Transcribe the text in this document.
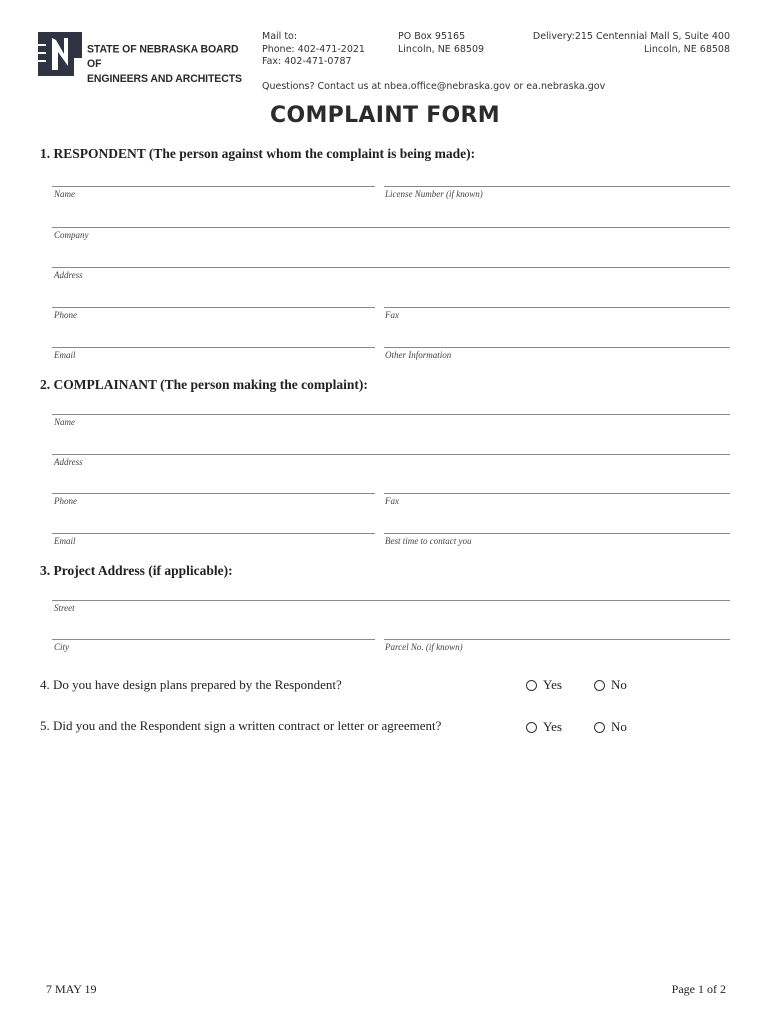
STATE OF NEBRASKA BOARD OF
ENGINEERS AND ARCHITECTS
Mail to:
Phone: 402-471-2021
Fax: 402-471-0787
PO Box 95165
Lincoln, NE 68509
Delivery:215 Centennial Mall S, Suite 400
Lincoln, NE 68508
Questions? Contact us at nbea.office@nebraska.gov or ea.nebraska.gov
COMPLAINT FORM
1. RESPONDENT (The person against whom the complaint is being made):
Name	License Number (if known)
Company
Address
Phone	Fax
Email	Other Information
2. COMPLAINANT (The person making the complaint):
Name
Address
Phone	Fax
Email	Best time to contact you
3. Project Address (if applicable):
Street
City	Parcel No. (if known)
4. Do you have design plans prepared by the Respondent?	Yes	No
5. Did you and the Respondent sign a written contract or letter or agreement?	Yes	No
7 MAY 19	Page 1 of 2
